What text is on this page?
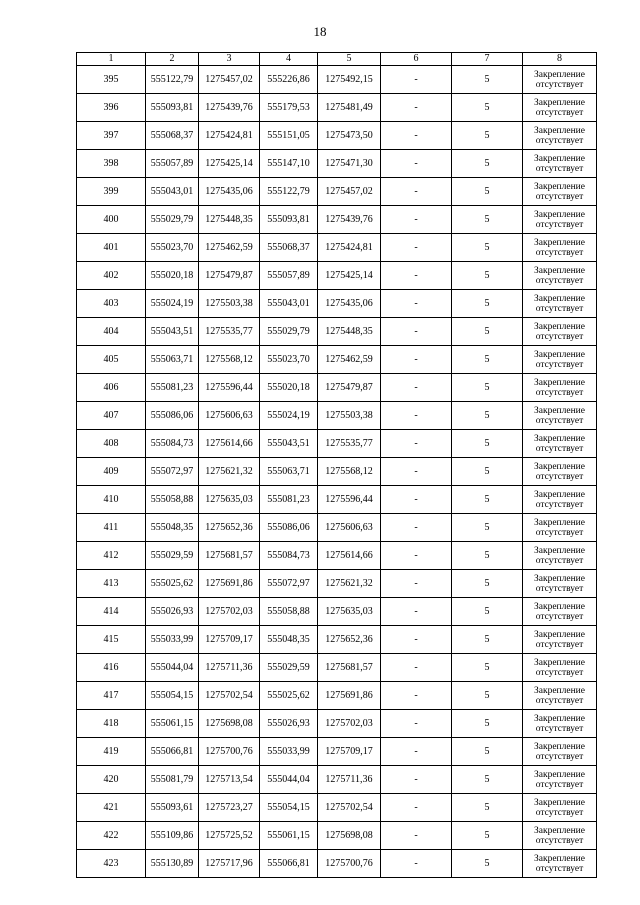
18
1	2	3	4	5	6	7	8
395	555122,79	1275457,02	555226,86	1275492,15	-	5	Закрепление отсутствует
396	555093,81	1275439,76	555179,53	1275481,49	-	5	Закрепление отсутствует
397	555068,37	1275424,81	555151,05	1275473,50	-	5	Закрепление отсутствует
398	555057,89	1275425,14	555147,10	1275471,30	-	5	Закрепление отсутствует
399	555043,01	1275435,06	555122,79	1275457,02	-	5	Закрепление отсутствует
400	555029,79	1275448,35	555093,81	1275439,76	-	5	Закрепление отсутствует
401	555023,70	1275462,59	555068,37	1275424,81	-	5	Закрепление отсутствует
402	555020,18	1275479,87	555057,89	1275425,14	-	5	Закрепление отсутствует
403	555024,19	1275503,38	555043,01	1275435,06	-	5	Закрепление отсутствует
404	555043,51	1275535,77	555029,79	1275448,35	-	5	Закрепление отсутствует
405	555063,71	1275568,12	555023,70	1275462,59	-	5	Закрепление отсутствует
406	555081,23	1275596,44	555020,18	1275479,87	-	5	Закрепление отсутствует
407	555086,06	1275606,63	555024,19	1275503,38	-	5	Закрепление отсутствует
408	555084,73	1275614,66	555043,51	1275535,77	-	5	Закрепление отсутствует
409	555072,97	1275621,32	555063,71	1275568,12	-	5	Закрепление отсутствует
410	555058,88	1275635,03	555081,23	1275596,44	-	5	Закрепление отсутствует
411	555048,35	1275652,36	555086,06	1275606,63	-	5	Закрепление отсутствует
412	555029,59	1275681,57	555084,73	1275614,66	-	5	Закрепление отсутствует
413	555025,62	1275691,86	555072,97	1275621,32	-	5	Закрепление отсутствует
414	555026,93	1275702,03	555058,88	1275635,03	-	5	Закрепление отсутствует
415	555033,99	1275709,17	555048,35	1275652,36	-	5	Закрепление отсутствует
416	555044,04	1275711,36	555029,59	1275681,57	-	5	Закрепление отсутствует
417	555054,15	1275702,54	555025,62	1275691,86	-	5	Закрепление отсутствует
418	555061,15	1275698,08	555026,93	1275702,03	-	5	Закрепление отсутствует
419	555066,81	1275700,76	555033,99	1275709,17	-	5	Закрепление отсутствует
420	555081,79	1275713,54	555044,04	1275711,36	-	5	Закрепление отсутствует
421	555093,61	1275723,27	555054,15	1275702,54	-	5	Закрепление отсутствует
422	555109,86	1275725,52	555061,15	1275698,08	-	5	Закрепление отсутствует
423	555130,89	1275717,96	555066,81	1275700,76	-	5	Закрепление отсутствует
